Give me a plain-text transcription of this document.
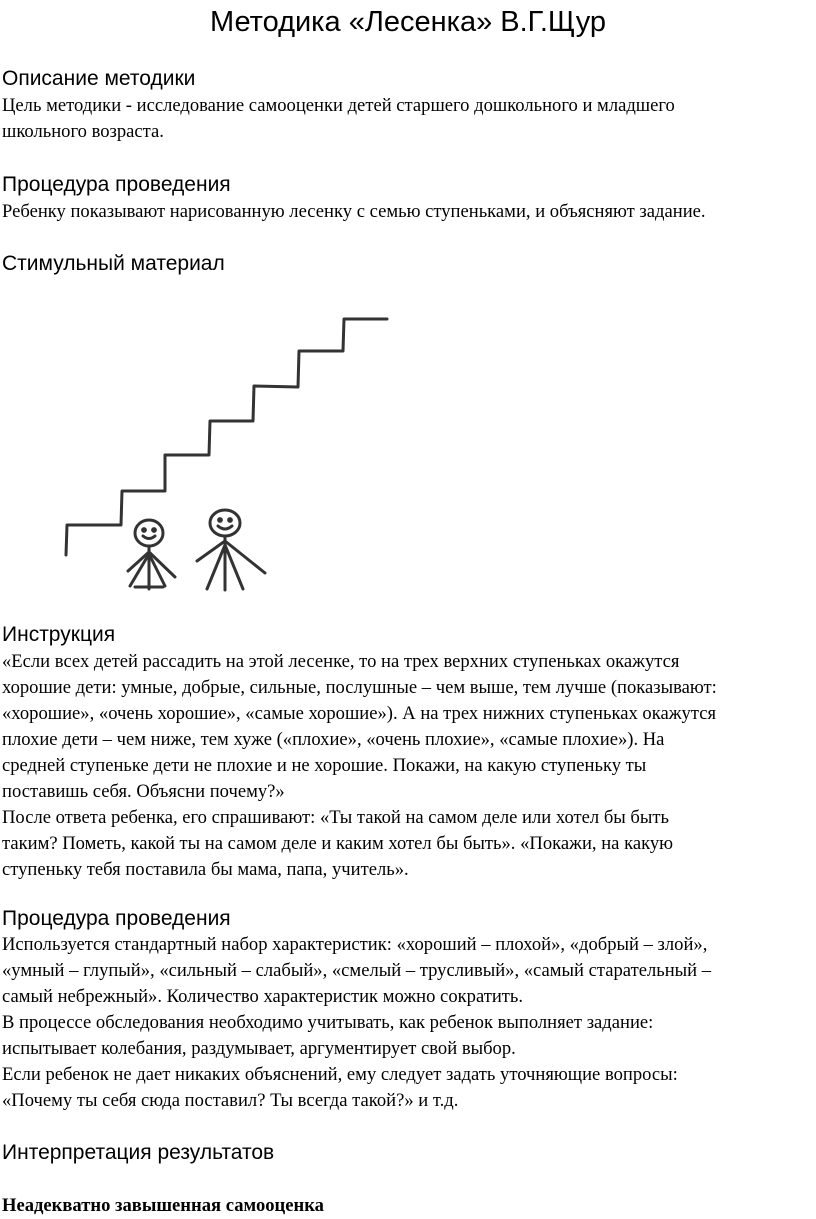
Методика «Лесенка» В.Г.Щур
Описание методики
Цель методики - исследование самооценки детей старшего дошкольного и младшего
школьного возраста.
Процедура проведения
Ребенку показывают нарисованную лесенку с семью ступеньками, и объясняют задание.
Стимульный материал
Инструкция
«Если всех детей рассадить на этой лесенке, то на трех верхних ступеньках окажутся
хорошие дети: умные, добрые, сильные, послушные – чем выше, тем лучше (показывают:
«хорошие», «очень хорошие», «самые хорошие»). А на трех нижних ступеньках окажутся
плохие дети – чем ниже, тем хуже («плохие», «очень плохие», «самые плохие»). На
средней ступеньке дети не плохие и не хорошие. Покажи, на какую ступеньку ты
поставишь себя. Объясни почему?»
После ответа ребенка, его спрашивают: «Ты такой на самом деле или хотел бы быть
таким? Пометь, какой ты на самом деле и каким хотел бы быть». «Покажи, на какую
ступеньку тебя поставила бы мама, папа, учитель».
Процедура проведения
Используется стандартный набор характеристик: «хороший – плохой», «добрый – злой»,
«умный – глупый», «сильный – слабый», «смелый – трусливый», «самый старательный –
самый небрежный». Количество характеристик можно сократить.
В процессе обследования необходимо учитывать, как ребенок выполняет задание:
испытывает колебания, раздумывает, аргументирует свой выбор.
Если ребенок не дает никаких объяснений, ему следует задать уточняющие вопросы:
«Почему ты себя сюда поставил? Ты всегда такой?» и т.д.
Интерпретация результатов
Неадекватно завышенная самооценка
